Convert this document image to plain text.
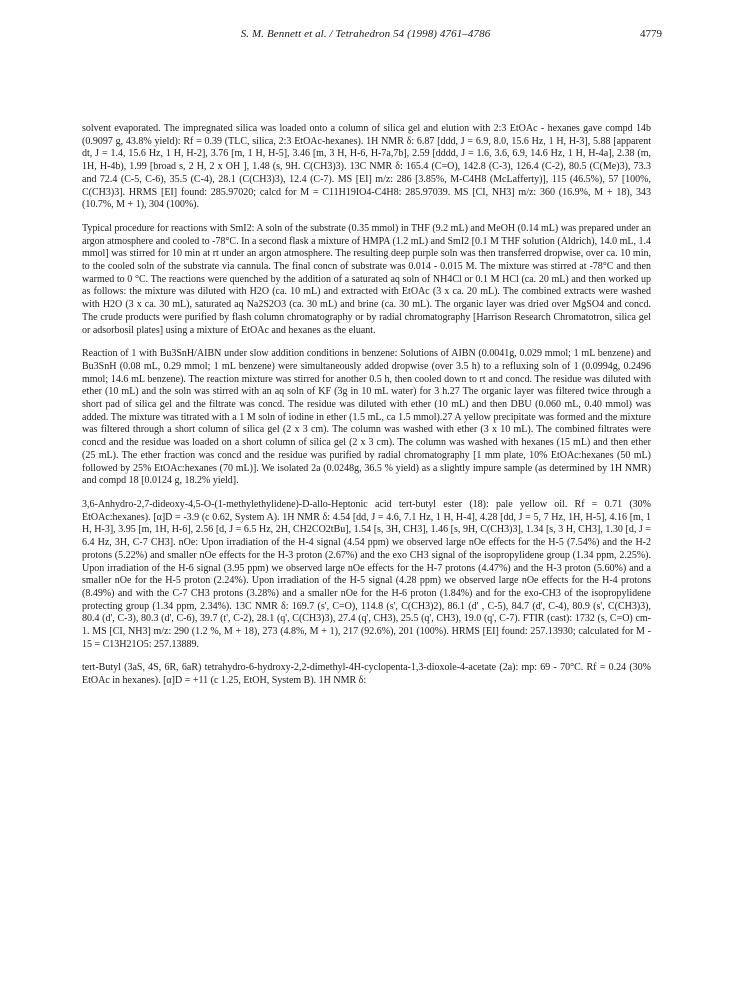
S. M. Bennett et al. / Tetrahedron 54 (1998) 4761–4786	4779

solvent evaporated. The impregnated silica was loaded onto a column of silica gel and elution with 2:3 EtOAc - hexanes gave compd 14b (0.9097 g, 43.8% yield): Rf = 0.39 (TLC, silica, 2:3 EtOAc-hexanes). 1H NMR δ: 6.87 [ddd, J = 6.9, 8.0, 15.6 Hz, 1 H, H-3], 5.88 [apparent dt, J = 1.4, 15.6 Hz, 1 H, H-2], 3.76 [m, 1 H, H-5], 3.46 [m, 3 H, H-6, H-7a,7b], 2.59 [dddd, J = 1.6, 3.6, 6.9, 14.6 Hz, 1 H, H-4a], 2.38 (m, 1H, H-4b), 1.99 [broad s, 2 H, 2 x OH ], 1.48 (s, 9H. C(CH3)3). 13C NMR δ: 165.4 (C=O), 142.8 (C-3), 126.4 (C-2), 80.5 (C(Me)3), 73.3 and 72.4 (C-5, C-6), 35.5 (C-4), 28.1 (C(CH3)3), 12.4 (C-7). MS [EI] m/z: 286 [3.85%, M-C4H8 (McLafferty)], 115 (46.5%), 57 [100%, C(CH3)3]. HRMS [EI] found: 285.97020; calcd for M = C11H19IO4-C4H8: 285.97039. MS [CI, NH3] m/z: 360 (16.9%, M + 18), 343 (10.7%, M + 1), 304 (100%).

Typical procedure for reactions with SmI2: A soln of the substrate (0.35 mmol) in THF (9.2 mL) and MeOH (0.14 mL) was prepared under an argon atmosphere and cooled to -78°C. In a second flask a mixture of HMPA (1.2 mL) and SmI2 [0.1 M THF solution (Aldrich), 14.0 mL, 1.4 mmol] was stirred for 10 min at rt under an argon atmosphere. The resulting deep purple soln was then transferred dropwise, over ca. 10 min, to the cooled soln of the substrate via cannula. The final concn of substrate was 0.014 - 0.015 M. The mixture was stirred at -78°C and then warmed to 0 °C. The reactions were quenched by the addition of a saturated aq soln of NH4Cl or 0.1 M HCl (ca. 20 mL) and then worked up as follows: the mixture was diluted with H2O (ca. 10 mL) and extracted with EtOAc (3 x ca. 20 mL). The combined extracts were washed with H2O (3 x ca. 30 mL), saturated aq Na2S2O3 (ca. 30 mL) and brine (ca. 30 mL). The organic layer was dried over MgSO4 and concd. The crude products were purified by flash column chromatography or by radial chromatography [Harrison Research Chromatotron, silica gel or adsorbosil plates] using a mixture of EtOAc and hexanes as the eluant.

Reaction of 1 with Bu3SnH/AIBN under slow addition conditions in benzene: Solutions of AIBN (0.0041g, 0.029 mmol; 1 mL benzene) and Bu3SnH (0.08 mL, 0.29 mmol; 1 mL benzene) were simultaneously added dropwise (over 3.5 h) to a refluxing soln of 1 (0.0994g, 0.2496 mmol; 14.6 mL benzene). The reaction mixture was stirred for another 0.5 h, then cooled down to rt and concd. The residue was diluted with ether (10 mL) and the soln was stirred with an aq soln of KF (3g in 10 mL water) for 3 h.27 The organic layer was filtered twice through a short pad of silica gel and the filtrate was concd. The residue was diluted with ether (10 mL) and then DBU (0.060 mL, 0.40 mmol) was added. The mixture was titrated with a 1 M soln of iodine in ether (1.5 mL, ca 1.5 mmol).27 A yellow precipitate was formed and the mixture was filtered through a short column of silica gel (2 x 3 cm). The column was washed with ether (3 x 10 mL). The combined filtrates were concd and the residue was loaded on a short column of silica gel (2 x 3 cm). The column was washed with hexanes (15 mL) and then ether (25 mL). The ether fraction was concd and the residue was purified by radial chromatography [1 mm plate, 10% EtOAc:hexanes (50 mL) followed by 25% EtOAc:hexanes (70 mL)]. We isolated 2a (0.0248g, 36.5 % yield) as a slightly impure sample (as determined by 1H NMR) and compd 18 [0.0124 g, 18.2% yield].

3,6-Anhydro-2,7-dideoxy-4,5-O-(1-methylethylidene)-D-allo-Heptonic acid tert-butyl ester (18): pale yellow oil. Rf = 0.71 (30% EtOAc:hexanes). [α]D = -3.9 (c 0.62, System A). 1H NMR δ: 4.54 [dd, J = 4.6, 7.1 Hz, 1 H, H-4], 4.28 [dd, J = 5, 7 Hz, 1H, H-5], 4.16 [m, 1 H, H-3], 3.95 [m, 1H, H-6], 2.56 [d, J = 6.5 Hz, 2H, CH2CO2tBu], 1.54 [s, 3H, CH3], 1.46 [s, 9H, C(CH3)3], 1.34 [s, 3 H, CH3], 1.30 [d, J = 6.4 Hz, 3H, C-7 CH3]. nOe: Upon irradiation of the H-4 signal (4.54 ppm) we observed large nOe effects for the H-5 (7.54%) and the H-2 protons (5.22%) and smaller nOe effects for the H-3 proton (2.67%) and the exo CH3 signal of the isopropylidene group (1.34 ppm, 2.25%). Upon irradiation of the H-6 signal (3.95 ppm) we observed large nOe effects for the H-7 protons (4.47%) and the H-3 proton (5.60%) and a smaller nOe for the H-5 proton (2.24%). Upon irradiation of the H-5 signal (4.28 ppm) we observed large nOe effects for the H-4 protons (8.49%) and with the C-7 CH3 protons (3.28%) and a smaller nOe for the H-6 proton (1.84%) and for the exo-CH3 of the isopropylidene protecting group (1.34 ppm, 2.34%). 13C NMR δ: 169.7 (s', C=O), 114.8 (s', C(CH3)2), 86.1 (d' , C-5), 84.7 (d', C-4), 80.9 (s', C(CH3)3), 80.4 (d', C-3), 80.3 (d', C-6), 39.7 (t', C-2), 28.1 (q', C(CH3)3), 27.4 (q', CH3), 25.5 (q', CH3), 19.0 (q', C-7). FTIR (cast): 1732 (s, C=O) cm-1. MS [CI, NH3] m/z: 290 (1.2 %, M + 18), 273 (4.8%, M + 1), 217 (92.6%), 201 (100%). HRMS [EI] found: 257.13930; calculated for M - 15 = C13H21O5: 257.13889.

tert-Butyl (3aS, 4S, 6R, 6aR) tetrahydro-6-hydroxy-2,2-dimethyl-4H-cyclopenta-1,3-dioxole-4-acetate (2a): mp: 69 - 70°C. Rf = 0.24 (30% EtOAc in hexanes). [α]D = +11 (c 1.25, EtOH, System B). 1H NMR δ:
